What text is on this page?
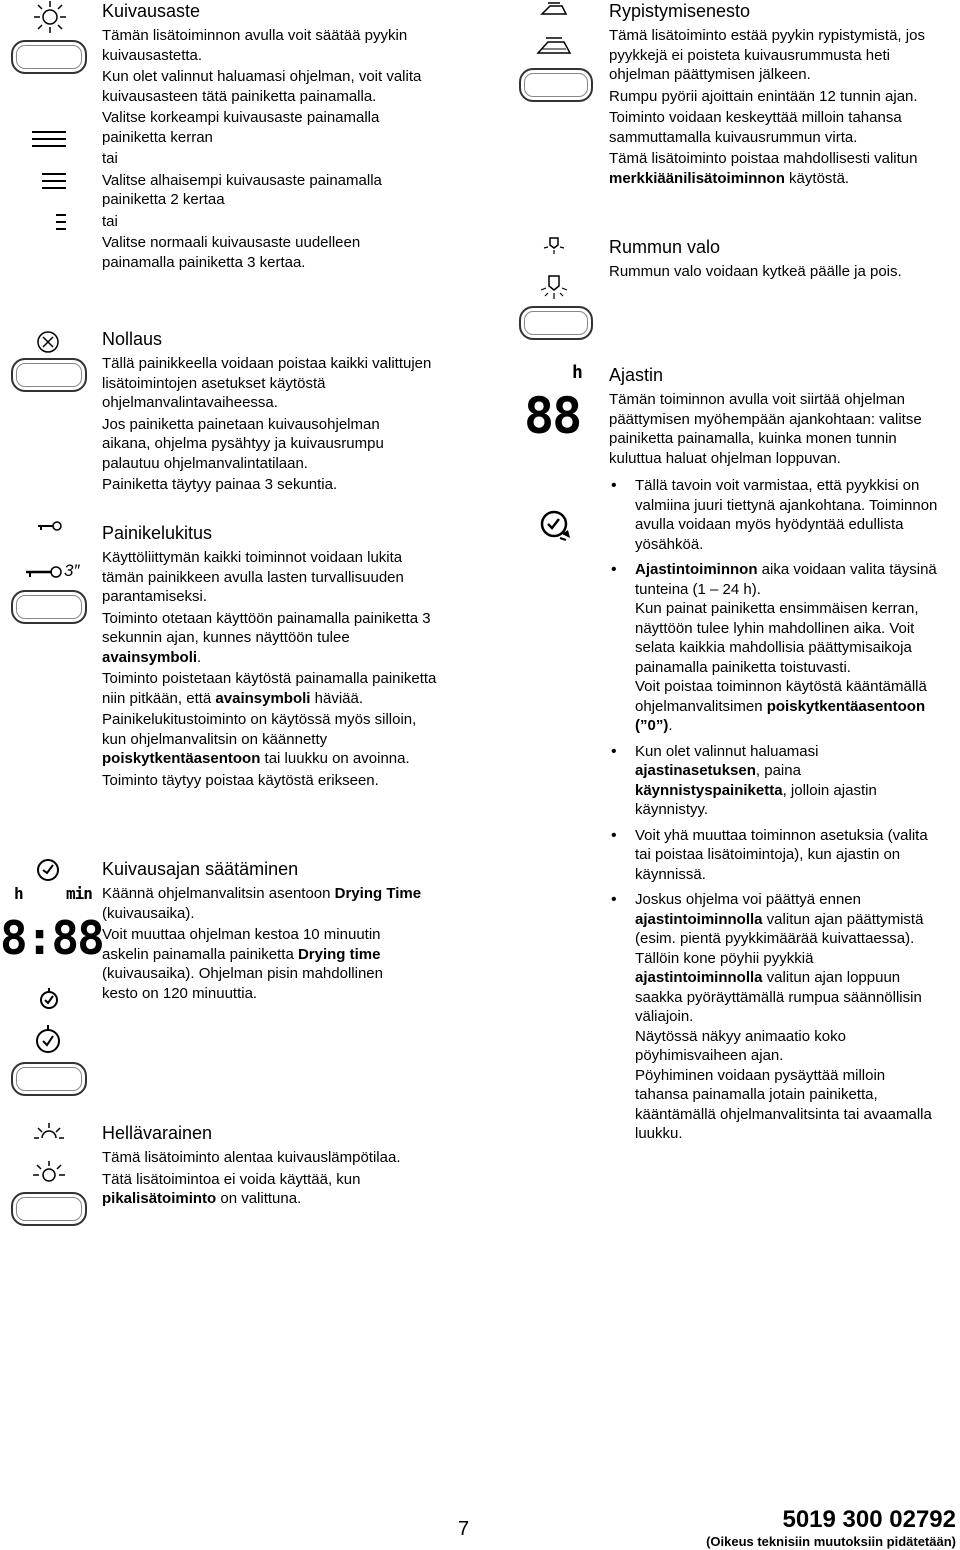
3″
h	min
8:88
Kuivausaste

Tämän lisätoiminnon avulla voit säätää pyykin kuivausastetta.

Kun olet valinnut haluamasi ohjelman, voit valita kuivausasteen tätä painiketta painamalla.

Valitse korkeampi kuivausaste painamalla painiketta kerran

tai

Valitse alhaisempi kuivausaste painamalla painiketta 2 kertaa

tai

Valitse normaali kuivausaste uudelleen painamalla painiketta 3 kertaa.

Nollaus

Tällä painikkeella voidaan poistaa kaikki valittujen lisätoimintojen asetukset käytöstä ohjelmanvalintavaiheessa.

Jos painiketta painetaan kuivausohjelman aikana, ohjelma pysähtyy ja kuivausrumpu palautuu ohjelmanvalintatilaan.

Painiketta täytyy painaa 3 sekuntia.

Painikelukitus

Käyttöliittymän kaikki toiminnot voidaan lukita tämän painikkeen avulla lasten turvallisuuden parantamiseksi.

Toiminto otetaan käyttöön painamalla painiketta 3 sekunnin ajan, kunnes näyttöön tulee avainsymboli.

Toiminto poistetaan käytöstä painamalla painiketta niin pitkään, että avainsymboli häviää.

Painikelukitustoiminto on käytössä myös silloin, kun ohjelmanvalitsin on käännetty poiskytkentäasentoon tai luukku on avoinna.

Toiminto täytyy poistaa käytöstä erikseen.

Kuivausajan säätäminen

Käännä ohjelmanvalitsin asentoon Drying Time (kuivausaika).

Voit muuttaa ohjelman kestoa 10 minuutin askelin painamalla painiketta Drying time (kuivausaika). Ohjelman pisin mahdollinen kesto on 120 minuuttia.

Hellävarainen

Tämä lisätoiminto alentaa kuivauslämpötilaa.

Tätä lisätoimintoa ei voida käyttää, kun pikalisätoiminto on valittuna.

h
88
Rypistymisenesto

Tämä lisätoiminto estää pyykin rypistymistä, jos pyykkejä ei poisteta kuivausrummusta heti ohjelman päättymisen jälkeen.

Rumpu pyörii ajoittain enintään 12 tunnin ajan.

Toiminto voidaan keskeyttää milloin tahansa sammuttamalla kuivausrummun virta.

Tämä lisätoiminto poistaa mahdollisesti valitun merkkiäänilisätoiminnon käytöstä.

Rummun valo

Rummun valo voidaan kytkeä päälle ja pois.

Ajastin

Tämän toiminnon avulla voit siirtää ohjelman päättymisen myöhempään ajankohtaan: valitse painiketta painamalla, kuinka monen tunnin kuluttua haluat ohjelman loppuvan.

• Tällä tavoin voit varmistaa, että pyykkisi on valmiina juuri tiettynä ajankohtana. Toiminnon avulla voidaan myös hyödyntää edullista yösähköä.
• Ajastintoiminnon aika voidaan valita täysinä tunteina (1 – 24 h).
Kun painat painiketta ensimmäisen kerran, näyttöön tulee lyhin mahdollinen aika. Voit selata kaikkia mahdollisia päättymisaikoja painamalla painiketta toistuvasti.
Voit poistaa toiminnon käytöstä kääntämällä ohjelmanvalitsimen poiskytkentäasentoon (”0”).
• Kun olet valinnut haluamasi ajastinasetuksen, paina käynnistyspainiketta, jolloin ajastin käynnistyy.
• Voit yhä muuttaa toiminnon asetuksia (valita tai poistaa lisätoimintoja), kun ajastin on käynnissä.
• Joskus ohjelma voi päättyä ennen ajastintoiminnolla valitun ajan päättymistä (esim. pientä pyykkimäärää kuivattaessa).
Tällöin kone pöyhii pyykkiä ajastintoiminnolla valitun ajan loppuun saakka pyöräyttämällä rumpua säännöllisin väliajoin.
Näytössä näkyy animaatio koko pöyhimisvaiheen ajan.
Pöyhiminen voidaan pysäyttää milloin tahansa painamalla jotain painiketta, kääntämällä ohjelmanvalitsinta tai avaamalla luukku.
7	5019 300 02792
(Oikeus teknisiin muutoksiin pidätetään)
